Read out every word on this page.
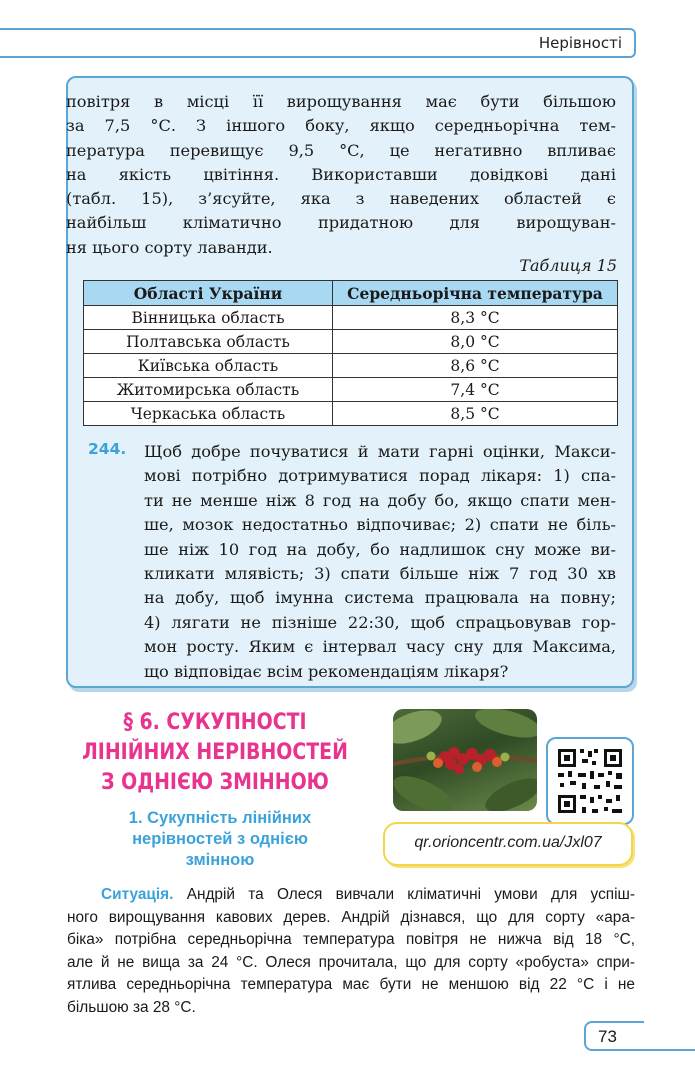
Нерівності
повітря в місці її вирощування має бути більшою
за 7,5 °С. З іншого боку, якщо середньорічна тем-
пература перевищує 9,5 °С, це негативно впливає
на якість цвітіння. Використавши довідкові дані
(табл. 15), з’ясуйте, яка з наведених областей є
найбільш кліматично придатною для вирощуван-
ня цього сорту лаванди.
Таблиця 15
Області України	Середньорічна температура
Вінницька область	8,3 °С
Полтавська область	8,0 °С
Київська область	8,6 °С
Житомирська область	7,4 °С
Черкаська область	8,5 °С
244. Щоб добре почуватися й мати гарні оцінки, Макси-
мові потрібно дотримуватися порад лікаря: 1) спа-
ти не менше ніж 8 год на добу бо, якщо спати мен-
ше, мозок недостатньо відпочиває; 2) спати не біль-
ше ніж 10 год на добу, бо надлишок сну може ви-
кликати млявість; 3) спати більше ніж 7 год 30 хв
на добу, щоб імунна система працювала на повну;
4) лягати не пізніше 22:30, щоб спрацьовував гор-
мон росту. Яким є інтервал часу сну для Максима,
що відповідає всім рекомендаціям лікаря?
§ 6. СУКУПНОСТІ
ЛІНІЙНИХ НЕРІВНОСТЕЙ
З ОДНІЄЮ ЗМІННОЮ
1. Сукупність лінійних
нерівностей з однією
змінною
qr.orioncentr.com.ua/Jxl07
Ситуація. Андрій та Олеся вивчали кліматичні умови для успіш-
ного вирощування кавових дерев. Андрій дізнався, що для сорту «ара-
біка» потрібна середньорічна температура повітря не нижча від 18 °С,
але й не вища за 24 °С. Олеся прочитала, що для сорту «робуста» спри-
ятлива середньорічна температура має бути не меншою від 22 °С і не
більшою за 28 °С.
73
